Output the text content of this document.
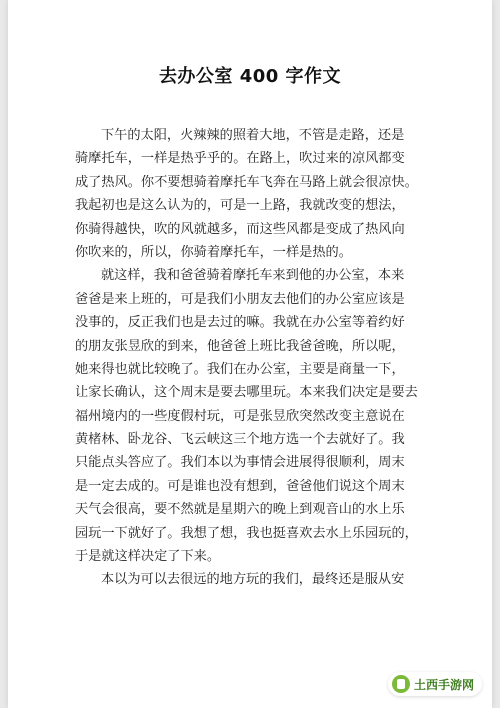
去办公室 400 字作文
下午的太阳，火辣辣的照着大地，不管是走路，还是
骑摩托车，一样是热乎乎的。在路上，吹过来的凉风都变
成了热风。你不要想骑着摩托车飞奔在马路上就会很凉快。
我起初也是这么认为的，可是一上路，我就改变的想法，
你骑得越快，吹的风就越多，而这些风都是变成了热风向
你吹来的，所以，你骑着摩托车，一样是热的。
就这样，我和爸爸骑着摩托车来到他的办公室，本来
爸爸是来上班的，可是我们小朋友去他们的办公室应该是
没事的，反正我们也是去过的嘛。我就在办公室等着约好
的朋友张昱欣的到来，他爸爸上班比我爸爸晚，所以呢，
她来得也就比较晚了。我们在办公室，主要是商量一下，
让家长确认，这个周末是要去哪里玩。本来我们决定是要去
福州境内的一些度假村玩，可是张昱欣突然改变主意说在
黄楮林、卧龙谷、飞云峡这三个地方选一个去就好了。我
只能点头答应了。我们本以为事情会进展得很顺利，周末
是一定去成的。可是谁也没有想到，爸爸他们说这个周末
天气会很高，要不然就是星期六的晚上到观音山的水上乐
园玩一下就好了。我想了想，我也挺喜欢去水上乐园玩的，
于是就这样决定了下来。
本以为可以去很远的地方玩的我们，最终还是服从安
土西手游网
